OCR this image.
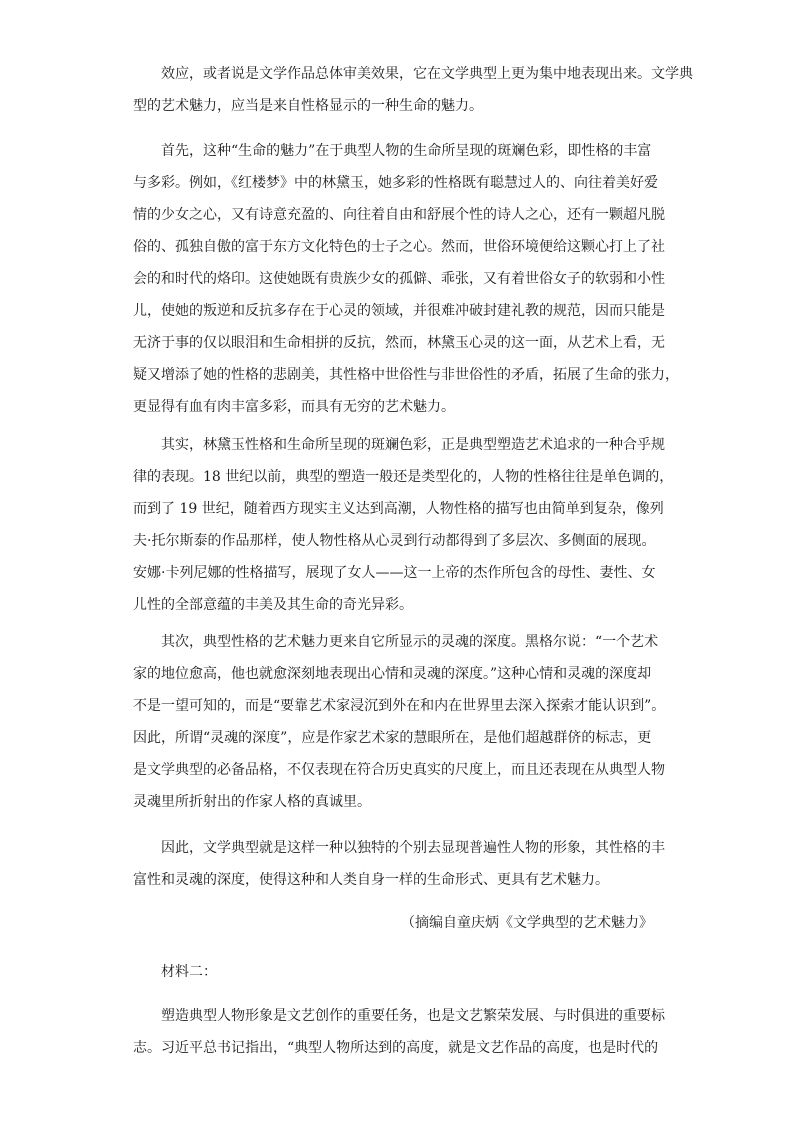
效应，或者说是文学作品总体审美效果，它在文学典型上更为集中地表现出来。文学典
型的艺术魅力，应当是来自性格显示的一种生命的魅力。
首先，这种“生命的魅力”在于典型人物的生命所呈现的斑斓色彩，即性格的丰富
与多彩。例如，《红楼梦》中的林黛玉，她多彩的性格既有聪慧过人的、向往着美好爱
情的少女之心，又有诗意充盈的、向往着自由和舒展个性的诗人之心，还有一颗超凡脱
俗的、孤独自傲的富于东方文化特色的士子之心。然而，世俗环境便给这颗心打上了社
会的和时代的烙印。这使她既有贵族少女的孤僻、乖张，又有着世俗女子的软弱和小性
儿，使她的叛逆和反抗多存在于心灵的领域，并很难冲破封建礼教的规范，因而只能是
无济于事的仅以眼泪和生命相拼的反抗，然而，林黛玉心灵的这一面，从艺术上看，无
疑又增添了她的性格的悲剧美，其性格中世俗性与非世俗性的矛盾，拓展了生命的张力，
更显得有血有肉丰富多彩，而具有无穷的艺术魅力。
其实，林黛玉性格和生命所呈现的斑斓色彩，正是典型塑造艺术追求的一种合乎规
律的表现。18 世纪以前，典型的塑造一般还是类型化的，人物的性格往往是单色调的，
而到了 19 世纪，随着西方现实主义达到高潮，人物性格的描写也由简单到复杂，像列
夫·托尔斯泰的作品那样，使人物性格从心灵到行动都得到了多层次、多侧面的展现。
安娜·卡列尼娜的性格描写，展现了女人——这一上帝的杰作所包含的母性、妻性、女
儿性的全部意蕴的丰美及其生命的奇光异彩。
其次，典型性格的艺术魅力更来自它所显示的灵魂的深度。黑格尔说：“一个艺术
家的地位愈高，他也就愈深刻地表现出心情和灵魂的深度。”这种心情和灵魂的深度却
不是一望可知的，而是“要靠艺术家浸沉到外在和内在世界里去深入探索才能认识到”。
因此，所谓“灵魂的深度”，应是作家艺术家的慧眼所在，是他们超越群侪的标志，更
是文学典型的必备品格，不仅表现在符合历史真实的尺度上，而且还表现在从典型人物
灵魂里所折射出的作家人格的真诚里。
因此，文学典型就是这样一种以独特的个别去显现普遍性人物的形象，其性格的丰
富性和灵魂的深度，使得这种和人类自身一样的生命形式、更具有艺术魅力。
（摘编自童庆炳《文学典型的艺术魅力》
材料二：
塑造典型人物形象是文艺创作的重要任务，也是文艺繁荣发展、与时俱进的重要标
志。习近平总书记指出，“典型人物所达到的高度，就是文艺作品的高度，也是时代的
